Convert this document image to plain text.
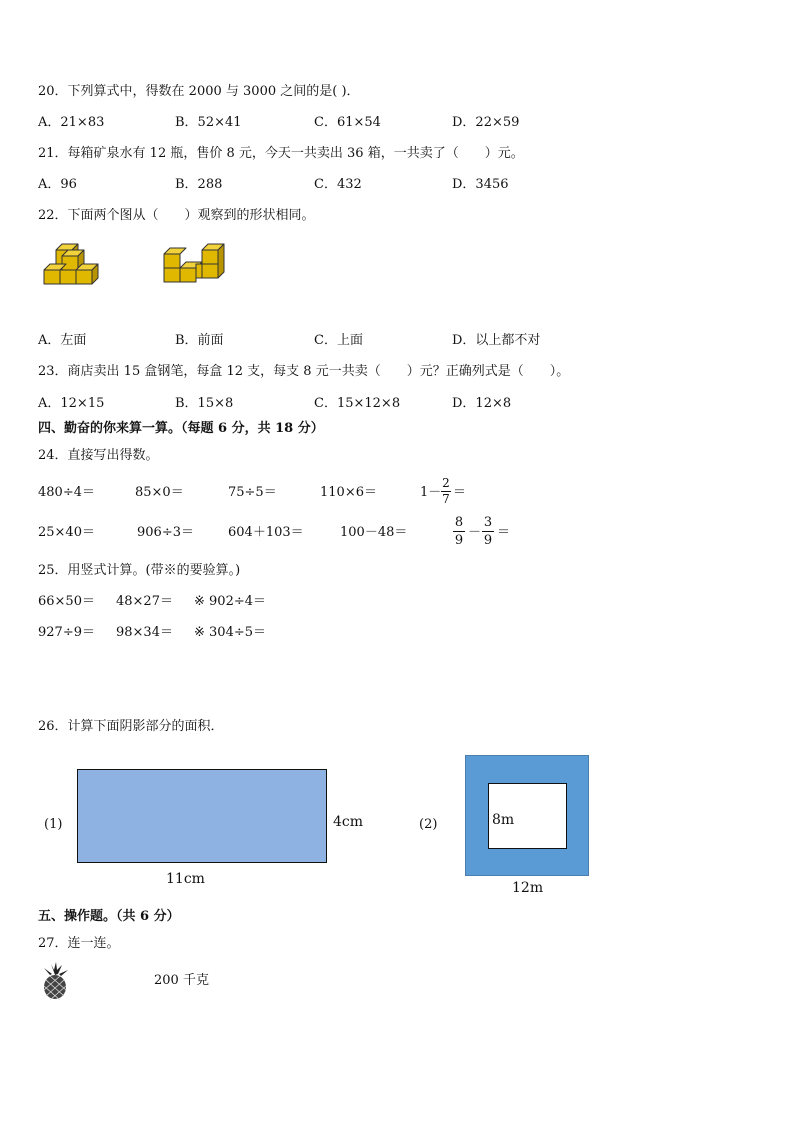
20．下列算式中，得数在 2000 与 3000 之间的是( )．
A．21×83	B．52×41	C．61×54	D．22×59
21．每箱矿泉水有 12 瓶，售价 8 元，今天一共卖出 36 箱，一共卖了（　　）元。
A．96	B．288	C．432	D．3456
22．下面两个图从（　　）观察到的形状相同。
A．左面	B．前面	C．上面	D．以上都不对
23．商店卖出 15 盒钢笔，每盒 12 支，每支 8 元一共卖（　　）元？正确列式是（　　）。
A．12×15	B．15×8	C．15×12×8	D．12×8
四、勤奋的你来算一算。（每题 6 分，共 18 分）
24．直接写出得数。
480÷4＝	85×0＝	75÷5＝	110×6＝	1－
2
7 ＝
25×40＝	906÷3＝	604＋103＝	100－48＝
8
9
－
3
9
＝
25．用竖式计算。(带※的要验算。)
66×50＝ 48×27＝ ※ 902÷4＝
927÷9＝ 98×34＝ ※ 304÷5＝
26．计算下面阴影部分的面积．
(1)	4cm
11cm
(2)	8m
12m
五、操作题。（共 6 分）
27．连一连。
200 千克
